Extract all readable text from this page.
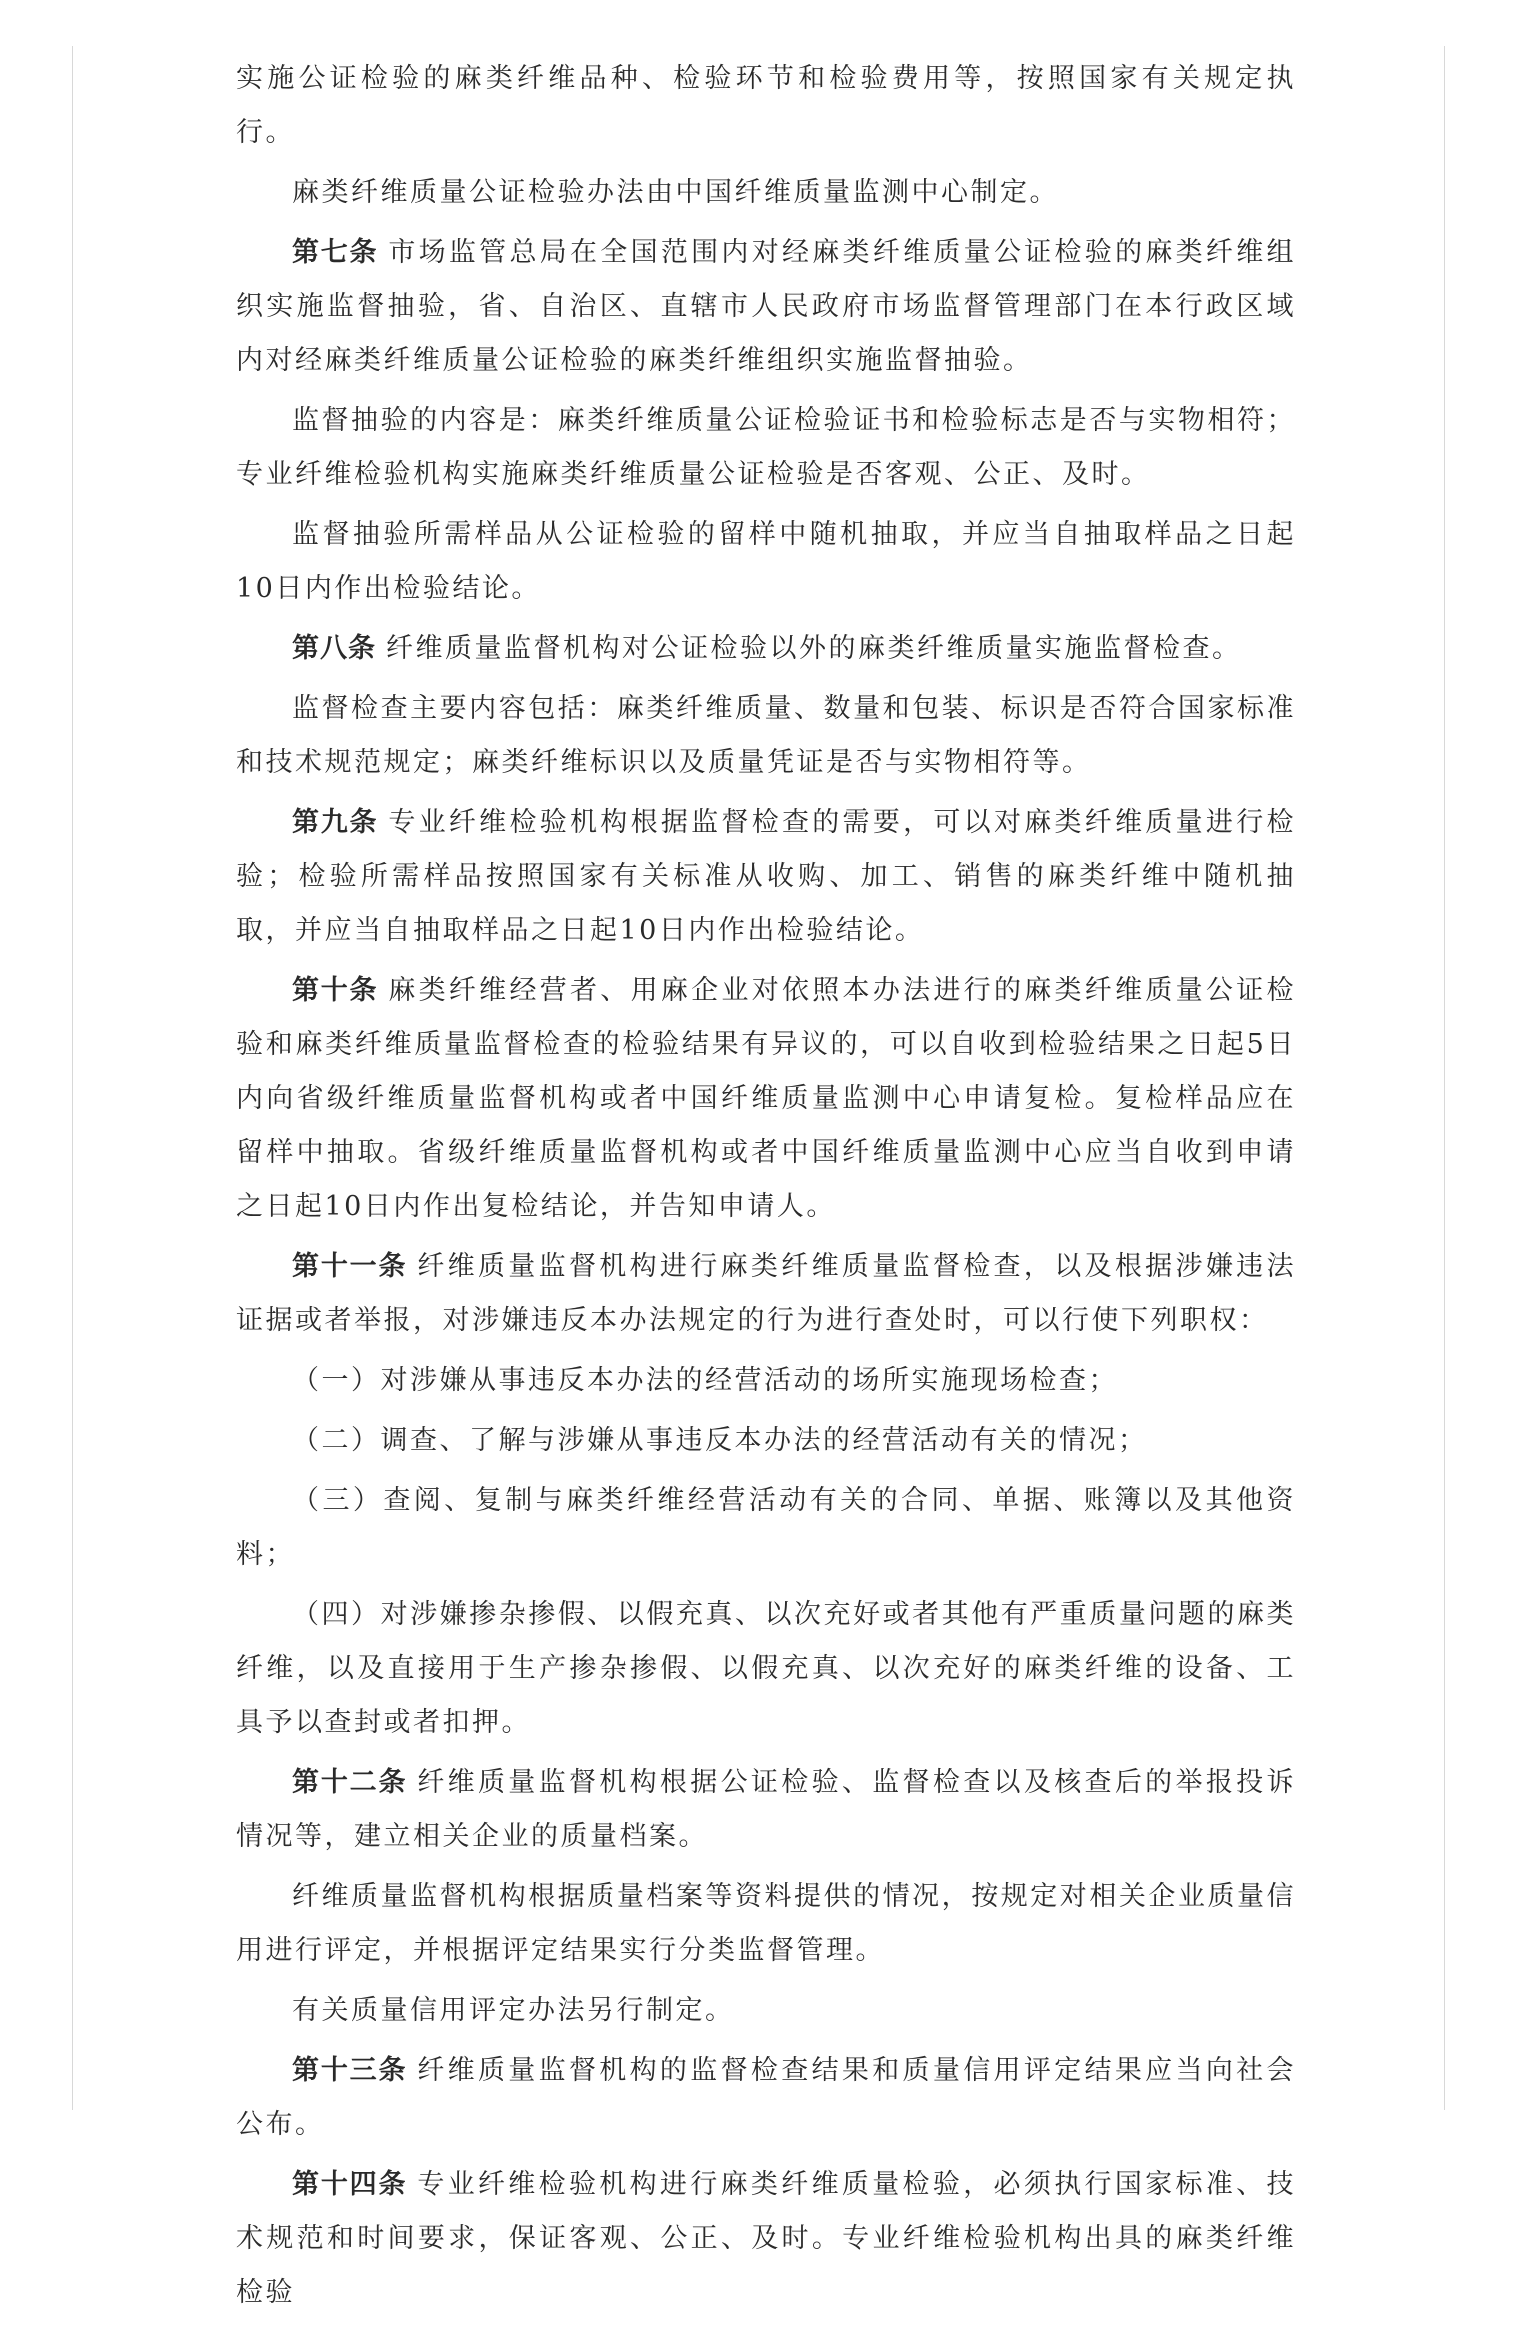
实施公证检验的麻类纤维品种、检验环节和检验费用等，按照国家有关规定执行。

麻类纤维质量公证检验办法由中国纤维质量监测中心制定。

第七条 市场监管总局在全国范围内对经麻类纤维质量公证检验的麻类纤维组织实施监督抽验，省、自治区、直辖市人民政府市场监督管理部门在本行政区域内对经麻类纤维质量公证检验的麻类纤维组织实施监督抽验。

监督抽验的内容是：麻类纤维质量公证检验证书和检验标志是否与实物相符；专业纤维检验机构实施麻类纤维质量公证检验是否客观、公正、及时。

监督抽验所需样品从公证检验的留样中随机抽取，并应当自抽取样品之日起10日内作出检验结论。

第八条 纤维质量监督机构对公证检验以外的麻类纤维质量实施监督检查。

监督检查主要内容包括：麻类纤维质量、数量和包装、标识是否符合国家标准和技术规范规定；麻类纤维标识以及质量凭证是否与实物相符等。

第九条 专业纤维检验机构根据监督检查的需要，可以对麻类纤维质量进行检验；检验所需样品按照国家有关标准从收购、加工、销售的麻类纤维中随机抽取，并应当自抽取样品之日起10日内作出检验结论。

第十条 麻类纤维经营者、用麻企业对依照本办法进行的麻类纤维质量公证检验和麻类纤维质量监督检查的检验结果有异议的，可以自收到检验结果之日起5日内向省级纤维质量监督机构或者中国纤维质量监测中心申请复检。复检样品应在留样中抽取。省级纤维质量监督机构或者中国纤维质量监测中心应当自收到申请之日起10日内作出复检结论，并告知申请人。

第十一条 纤维质量监督机构进行麻类纤维质量监督检查，以及根据涉嫌违法证据或者举报，对涉嫌违反本办法规定的行为进行查处时，可以行使下列职权：

（一）对涉嫌从事违反本办法的经营活动的场所实施现场检查；

（二）调查、了解与涉嫌从事违反本办法的经营活动有关的情况；

（三）查阅、复制与麻类纤维经营活动有关的合同、单据、账簿以及其他资料；

（四）对涉嫌掺杂掺假、以假充真、以次充好或者其他有严重质量问题的麻类纤维，以及直接用于生产掺杂掺假、以假充真、以次充好的麻类纤维的设备、工具予以查封或者扣押。

第十二条 纤维质量监督机构根据公证检验、监督检查以及核查后的举报投诉情况等，建立相关企业的质量档案。

纤维质量监督机构根据质量档案等资料提供的情况，按规定对相关企业质量信用进行评定，并根据评定结果实行分类监督管理。

有关质量信用评定办法另行制定。

第十三条 纤维质量监督机构的监督检查结果和质量信用评定结果应当向社会公布。

第十四条 专业纤维检验机构进行麻类纤维质量检验，必须执行国家标准、技术规范和时间要求，保证客观、公正、及时。专业纤维检验机构出具的麻类纤维检验
